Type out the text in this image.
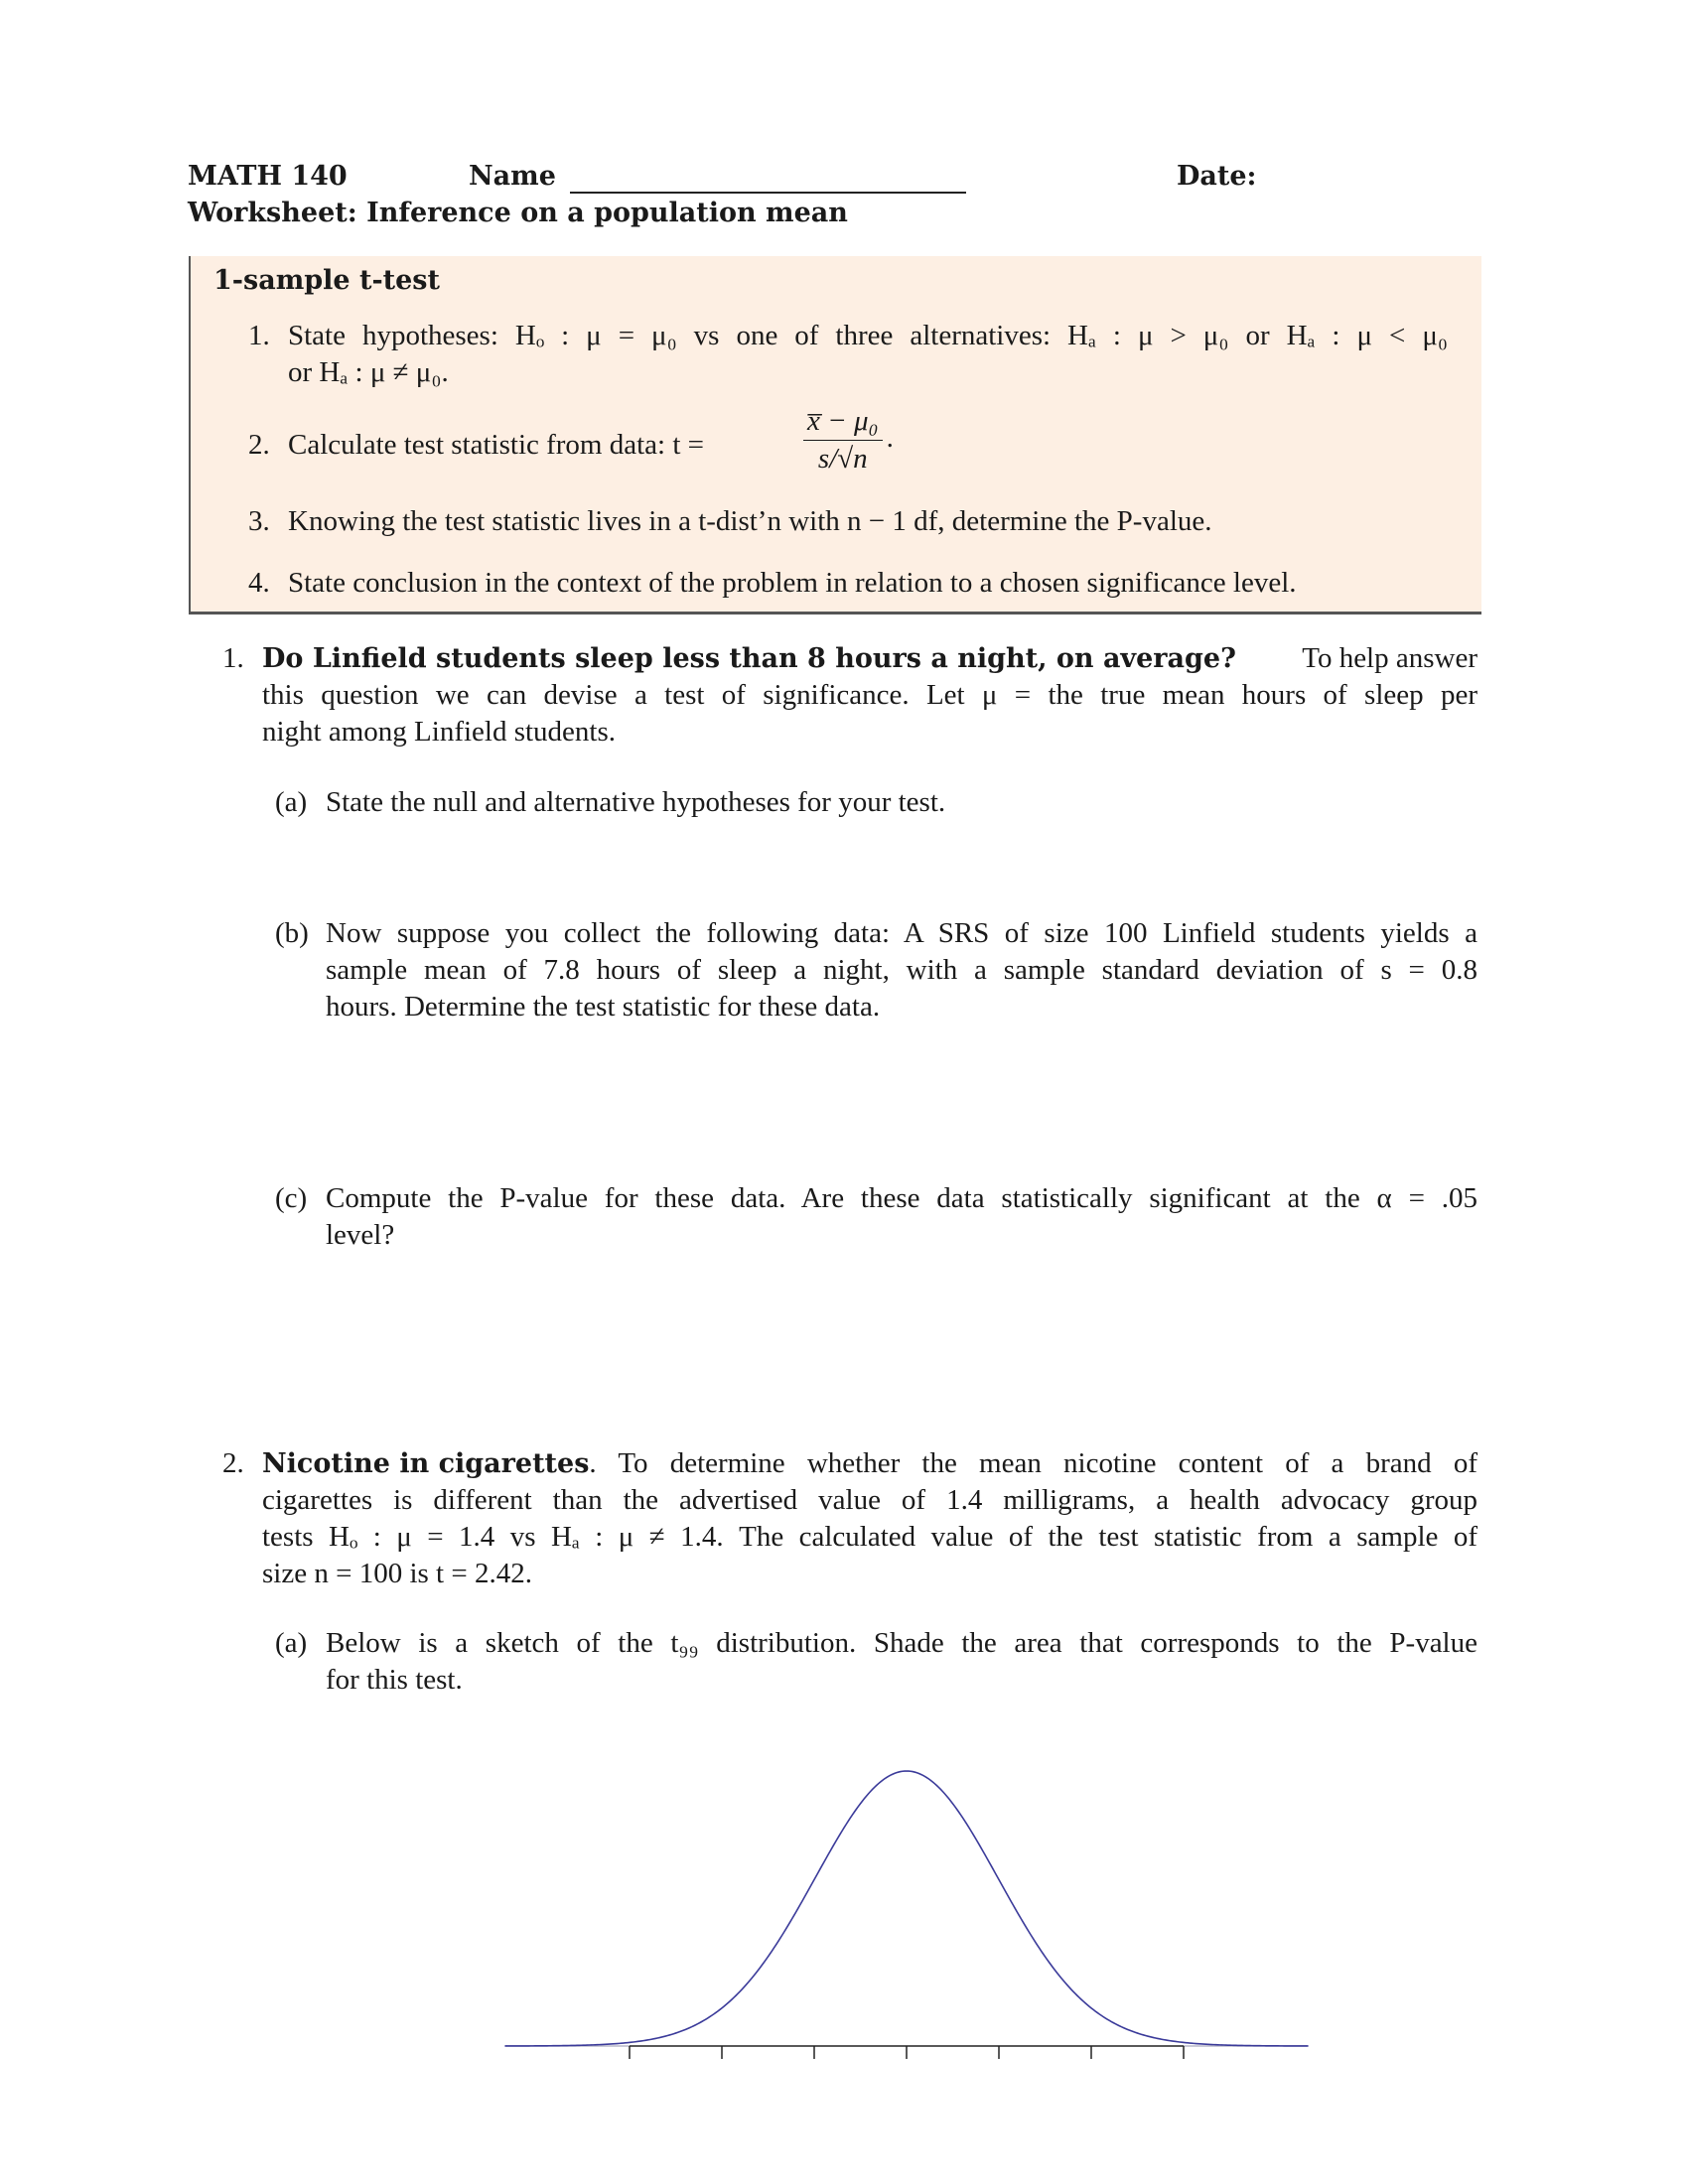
MATH 140	Name	Date:
Worksheet: Inference on a population mean
1-sample t-test
1. State hypotheses: Hₒ : μ = μ₀ vs one of three alternatives: Hₐ : μ > μ₀ or Hₐ : μ < μ₀
or Hₐ : μ ≠ μ₀.
2. Calculate test statistic from data: t =	$\frac{\text{x̅ − μ₀}}{s/√n}$ .
3. Knowing the test statistic lives in a t-dist’n with n − 1 df, determine the P-value.
4. State conclusion in the context of the problem in relation to a chosen significance level.
1. Do Linfield students sleep less than 8 hours a night, on average? To help answer
this question we can devise a test of significance. Let μ = the true mean hours of sleep per
night among Linfield students.
(a) State the null and alternative hypotheses for your test.
(b) Now suppose you collect the following data: A SRS of size 100 Linfield students yields a
sample mean of 7.8 hours of sleep a night, with a sample standard deviation of s = 0.8
hours. Determine the test statistic for these data.
(c) Compute the P-value for these data. Are these data statistically significant at the α = .05
level?
2. Nicotine in cigarettes . To determine whether the mean nicotine content of a brand of
cigarettes is different than the advertised value of 1.4 milligrams, a health advocacy group
tests Hₒ : μ = 1.4 vs Hₐ : μ ≠ 1.4. The calculated value of the test statistic from a sample of
size n = 100 is t = 2.42.
(a) Below is a sketch of the t₉₉ distribution. Shade the area that corresponds to the P-value
for this test.
